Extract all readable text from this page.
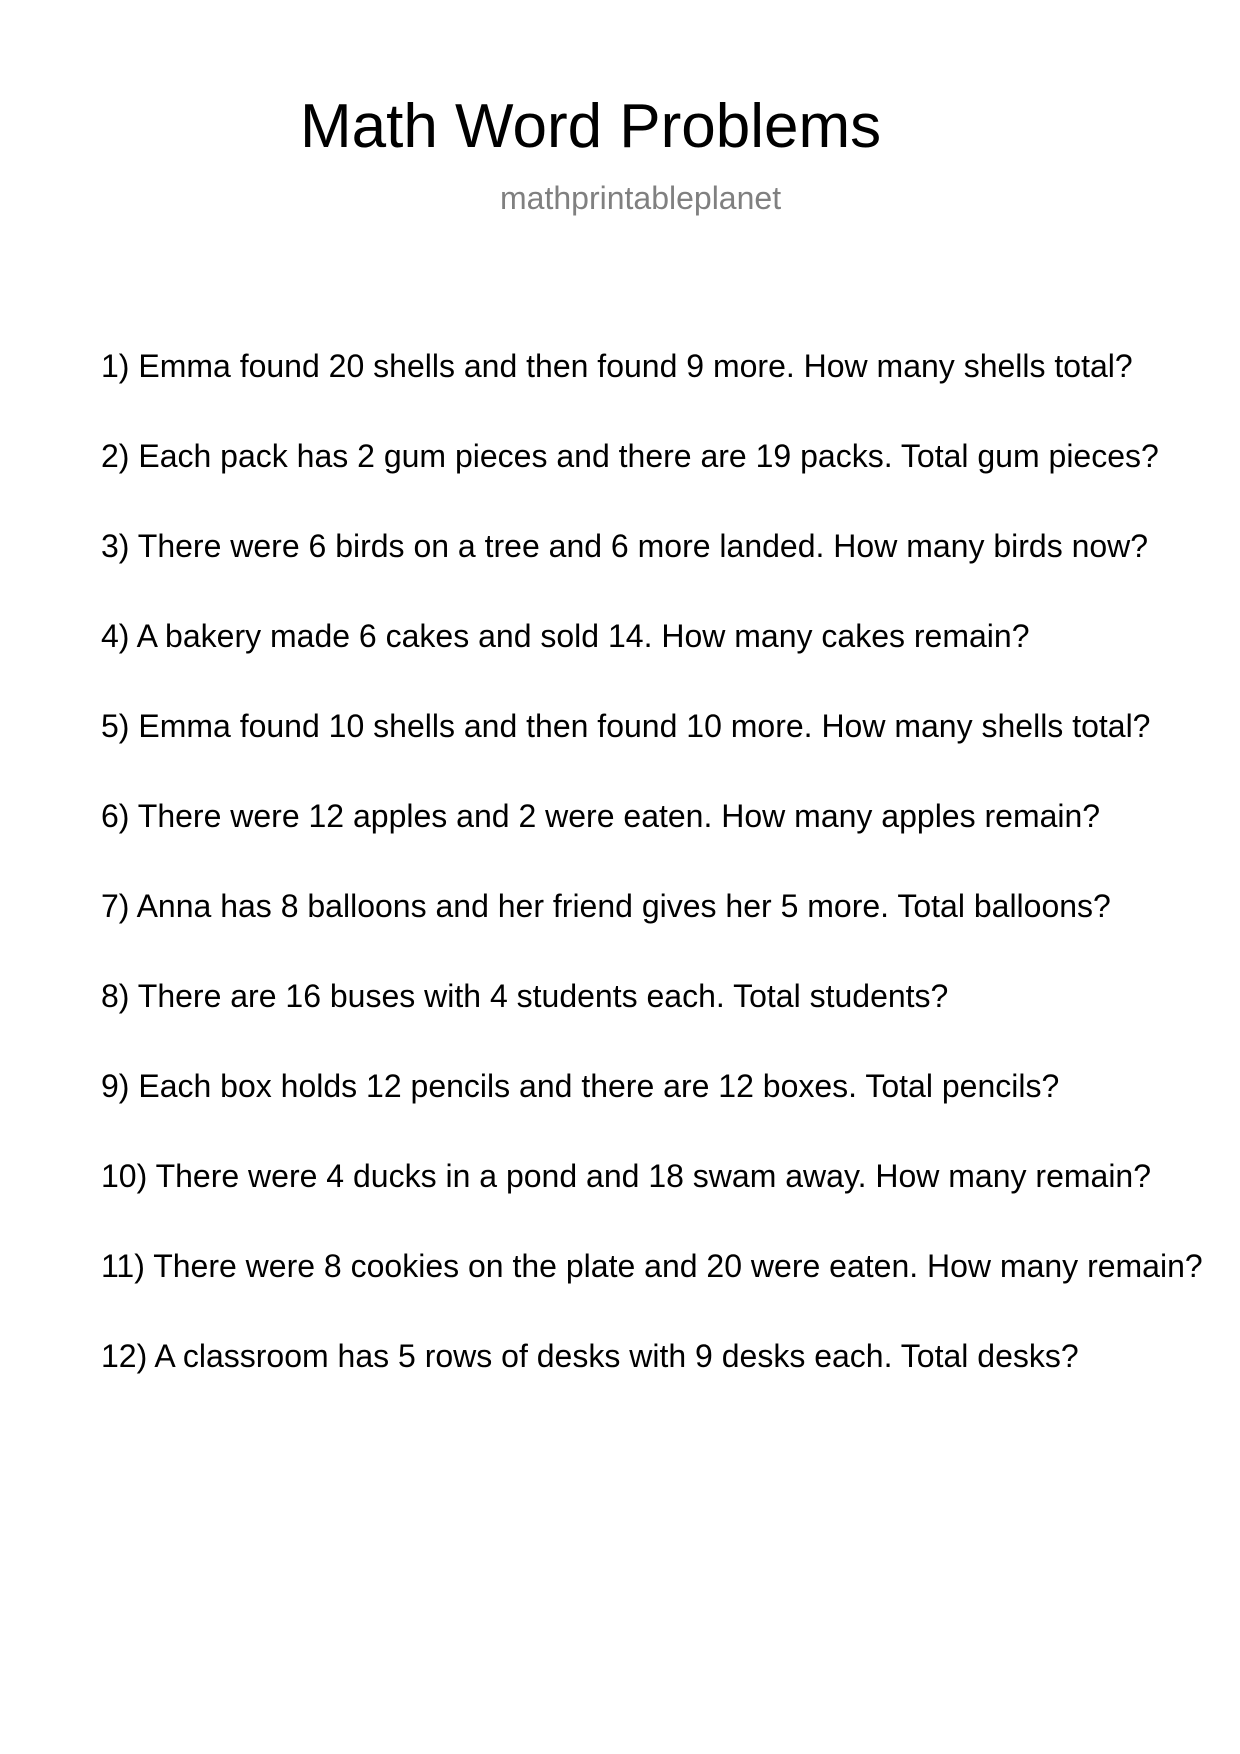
Math Word Problems
mathprintableplanet
1) Emma found 20 shells and then found 9 more. How many shells total?
2) Each pack has 2 gum pieces and there are 19 packs. Total gum pieces?
3) There were 6 birds on a tree and 6 more landed. How many birds now?
4) A bakery made 6 cakes and sold 14. How many cakes remain?
5) Emma found 10 shells and then found 10 more. How many shells total?
6) There were 12 apples and 2 were eaten. How many apples remain?
7) Anna has 8 balloons and her friend gives her 5 more. Total balloons?
8) There are 16 buses with 4 students each. Total students?
9) Each box holds 12 pencils and there are 12 boxes. Total pencils?
10) There were 4 ducks in a pond and 18 swam away. How many remain?
11) There were 8 cookies on the plate and 20 were eaten. How many remain?
12) A classroom has 5 rows of desks with 9 desks each. Total desks?
